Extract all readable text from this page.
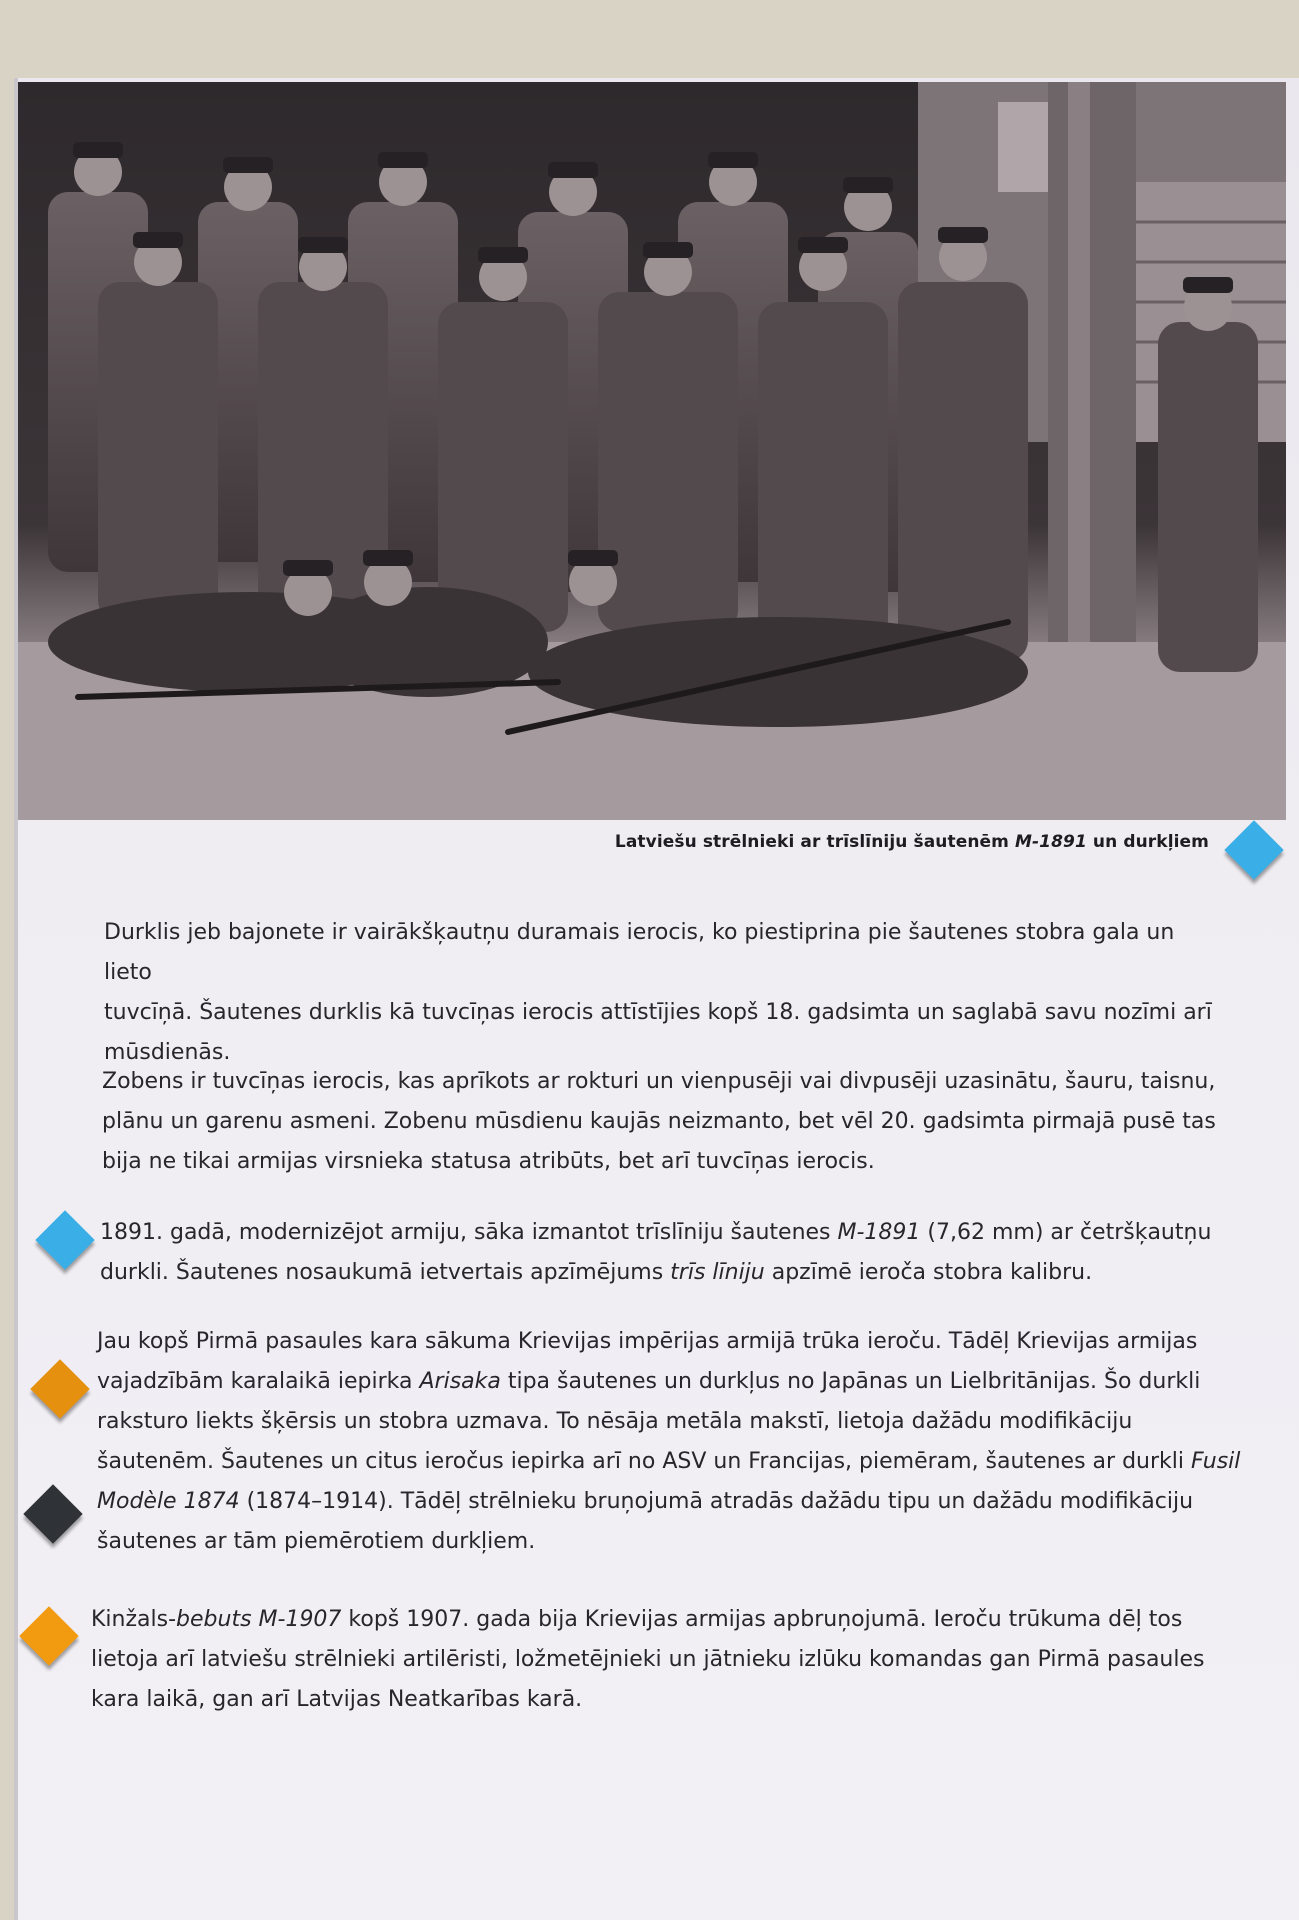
Latviešu strēlnieki ar trīslīniju šautenēm M-1891 un durkļiem
Durklis jeb bajonete ir vairākšķautņu duramais ierocis, ko piestiprina pie šautenes stobra gala un lieto
tuvcīņā. Šautenes durklis kā tuvcīņas ierocis attīstījies kopš 18. gadsimta un saglabā savu nozīmi arī
mūsdienās.
Zobens ir tuvcīņas ierocis, kas aprīkots ar rokturi un vienpusēji vai divpusēji uzasinātu, šauru, taisnu,
plānu un garenu asmeni. Zobenu mūsdienu kaujās neizmanto, bet vēl 20. gadsimta pirmajā pusē tas
bija ne tikai armijas virsnieka statusa atribūts, bet arī tuvcīņas ierocis.
1891. gadā, modernizējot armiju, sāka izmantot trīslīniju šautenes M-1891 (7,62 mm) ar četršķautņu
durkli. Šautenes nosaukumā ietvertais apzīmējums trīs līniju apzīmē ieroča stobra kalibru.
Jau kopš Pirmā pasaules kara sākuma Krievijas impērijas armijā trūka ieroču. Tādēļ Krievijas armijas
vajadzībām karalaikā iepirka Arisaka tipa šautenes un durkļus no Japānas un Lielbritānijas. Šo durkli
raksturo liekts šķērsis un stobra uzmava. To nēsāja metāla makstī, lietoja dažādu modifikāciju
šautenēm. Šautenes un citus ieročus iepirka arī no ASV un Francijas, piemēram, šautenes ar durkli Fusil
Modèle 1874 (1874–1914). Tādēļ strēlnieku bruņojumā atradās dažādu tipu un dažādu modifikāciju
šautenes ar tām piemērotiem durkļiem.
Kinžals-bebuts M-1907 kopš 1907. gada bija Krievijas armijas apbruņojumā. Ieroču trūkuma dēļ tos
lietoja arī latviešu strēlnieki artilēristi, ložmetējnieki un jātnieku izlūku komandas gan Pirmā pasaules
kara laikā, gan arī Latvijas Neatkarības karā.
